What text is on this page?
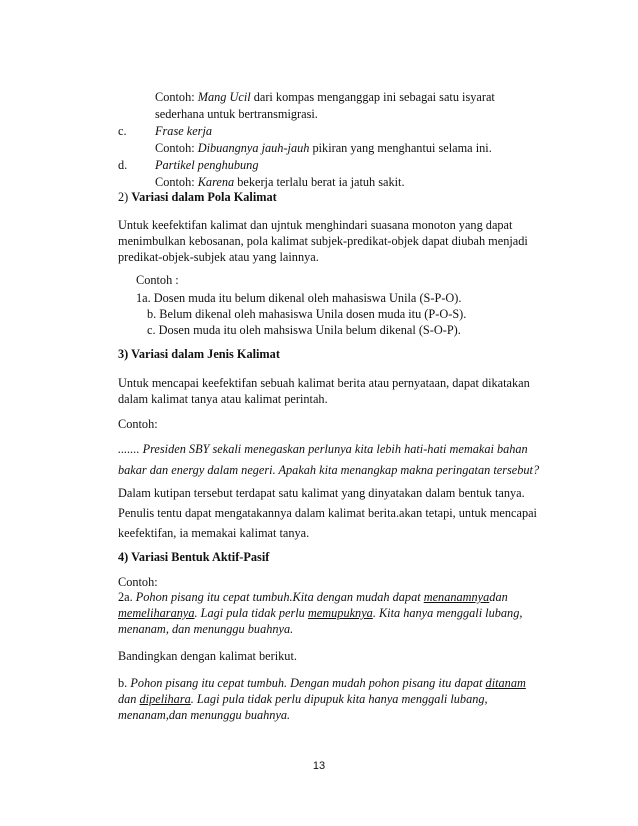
Contoh: Mang Ucil dari kompas menganggap ini sebagai satu isyarat
sederhana untuk bertransmigrasi.
c. Frase kerja
Contoh: Dibuangnya jauh-jauh pikiran yang menghantui selama ini.
d. Partikel penghubung
Contoh: Karena bekerja terlalu berat ia jatuh sakit.
2) Variasi dalam Pola Kalimat
Untuk keefektifan kalimat dan ujntuk menghindari suasana monoton yang dapat
menimbulkan kebosanan, pola kalimat subjek-predikat-objek dapat diubah menjadi
predikat-objek-subjek atau yang lainnya.
Contoh :
1a. Dosen muda itu belum dikenal oleh mahasiswa Unila (S-P-O).
b. Belum dikenal oleh mahasiswa Unila dosen muda itu (P-O-S).
c. Dosen muda itu oleh mahsiswa Unila belum dikenal (S-O-P).
3) Variasi dalam Jenis Kalimat
Untuk mencapai keefektifan sebuah kalimat berita atau pernyataan, dapat dikatakan
dalam kalimat tanya atau kalimat perintah.
Contoh:
....... Presiden SBY sekali menegaskan perlunya kita lebih hati-hati memakai bahan
bakar dan energy dalam negeri. Apakah kita menangkap makna peringatan tersebut?
Dalam kutipan tersebut terdapat satu kalimat yang dinyatakan dalam bentuk tanya.
Penulis tentu dapat mengatakannya dalam kalimat berita.akan tetapi, untuk mencapai
keefektifan, ia memakai kalimat tanya.
4) Variasi Bentuk Aktif-Pasif
Contoh:
2a. Pohon pisang itu cepat tumbuh.Kita dengan mudah dapat menanamnyadan
memeliharanya. Lagi pula tidak perlu memupuknya. Kita hanya menggali lubang,
menanam, dan menunggu buahnya.
Bandingkan dengan kalimat berikut.
b. Pohon pisang itu cepat tumbuh. Dengan mudah pohon pisang itu dapat ditanam
dan dipelihara. Lagi pula tidak perlu dipupuk kita hanya menggali lubang,
menanam,dan menunggu buahnya.
13
